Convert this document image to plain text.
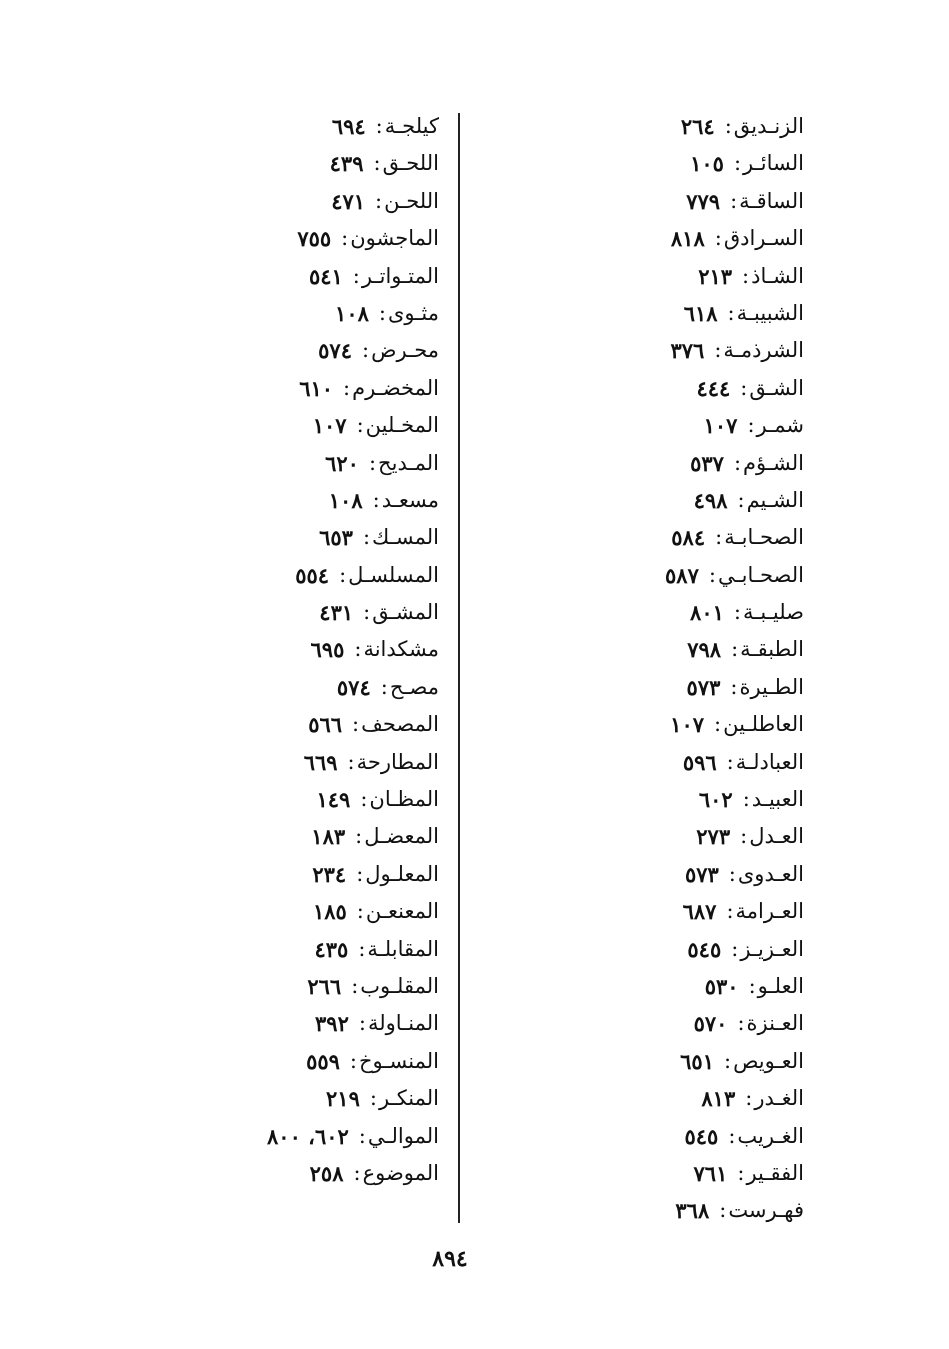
الزنـديق
:
٢٦٤
السائـر
:
١٠٥
الساقـة
:
٧٧٩
السـرادق
:
٨١٨
الشـاذ
:
٢١٣
الشبيبـة
:
٦١٨
الشرذمـة
:
٣٧٦
الشـق
:
٤٤٤
شمـر
:
١٠٧
الشـؤم
:
٥٣٧
الشـيم
:
٤٩٨
الصحـابـة
:
٥٨٤
الصحـابـي
:
٥٨٧
صليـبـة
:
٨٠١
الطبقـة
:
٧٩٨
الطـيرة
:
٥٧٣
العاطلـين
:
١٠٧
العبادلـة
:
٥٩٦
العبيـد
:
٦٠٢
العـدل
:
٢٧٣
العـدوى
:
٥٧٣
العـرامة
:
٦٨٧
العـزيـز
:
٥٤٥
العلـو
:
٥٣٠
العـنزة
:
٥٧٠
العـويص
:
٦٥١
الغـدر
:
٨١٣
الغـريب
:
٥٤٥
الفقـير
:
٧٦١
فهـرست
:
٣٦٨
كيلجـة
:
٦٩٤
اللحـق
:
٤٣٩
اللحـن
:
٤٧١
الماجشون
:
٧٥٥
المتـواتـر
:
٥٤١
مثـوى
:
١٠٨
محـرض
:
٥٧٤
المخضـرم
:
٦١٠
المخـلين
:
١٠٧
المـديح
:
٦٢٠
مسعـد
:
١٠٨
المسـك
:
٦٥٣
المسلسـل
:
٥٥٤
المشـق
:
٤٣١
مشكدانة
:
٦٩٥
مصـح
:
٥٧٤
المصحف
:
٥٦٦
المطارحة
:
٦٦٩
المظـان
:
١٤٩
المعضـل
:
١٨٣
المعلـول
:
٢٣٤
المعنعـن
:
١٨٥
المقابلـة
:
٤٣٥
المقلـوب
:
٢٦٦
المنـاولة
:
٣٩٢
المنسـوخ
:
٥٥٩
المنكـر
:
٢١٩
الموالـي
:
٦٠٢، ٨٠٠
الموضوع
:
٢٥٨
٨٩٤
